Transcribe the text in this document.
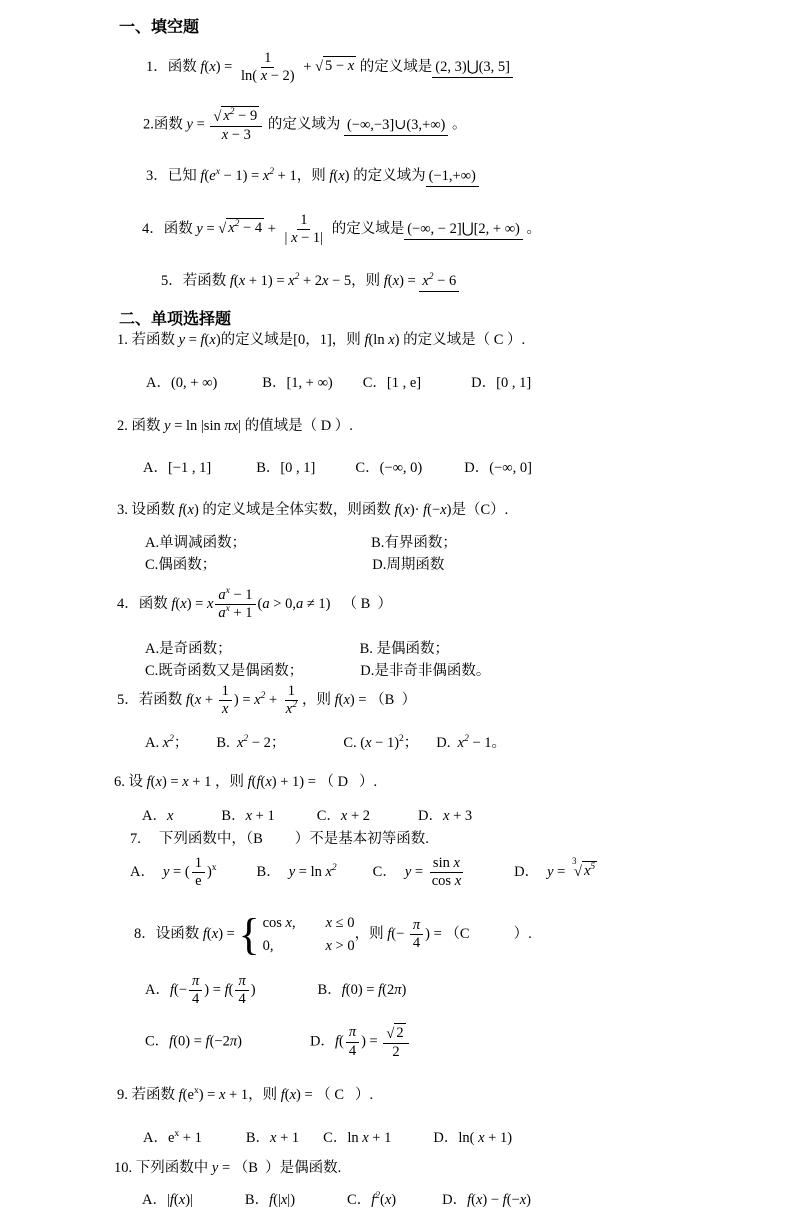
一、填空题
二、单项选择题
1．函数 $f(x) = \frac{1}{\ln( x - 2)}$ + √ 5 − x 的定义域是 (2, 3)⋃(3, 5]
2.函数 $y = \frac{√ x^2 - 9}{x - 3}$ 的定义域为 (−∞,−3]∪(3,+∞) 。
3．已知 $f(e^x - 1) = x^2 + 1$，则 f(x) 的定义域为 (−1,+∞)
4．函数 y = √ $x^2 - 4 + \frac{1}{| x - 1|}$ 的定义域是 (−∞, − 2]⋃[2, + ∞) 。
5．若函数 $f(x + 1) = x^2 + 2x - 5$，则 $f(x) = x^2 - 6$
1. 若函数 y = f(x)的定义域是[0，1]，则 f(ln x) 的定义域是（ C ）.
A．(0, + ∞)	B．[1, + ∞) C．[1 , e]	D．[0 , 1]
2. 函数 y = ln |sin πx| 的值域是（ D ）.
A．[−1 , 1]	B．[0 , 1]	C．(−∞, 0)	D．(−∞, 0]
3. 设函数 f(x) 的定义域是全体实数，则函数 f(x)· f(−x)是（C）.
A.单调减函数；	B.有界函数；
C.偶函数；	D.周期函数
4．函数 f(x) = x $\frac{a^x - 1}{a^x + 1} (a > 0,a \ne 1)$ （ B  ）
A.是奇函数；	B. 是偶函数；
C.既奇函数又是偶函数；	D.是非奇非偶函数。
5．若函数 $f(x + \frac{1}{x}$ ) = $x^2 + \frac{1}{x^2}$ ，则 f(x) = （B  ）
A. $x^2$； B.  $x^2 - 2$；	C. $(x - 1)^2$； D.  $x^2 - 1$。
6. 设 f(x) = x + 1 ，则 f(f(x) + 1) = （ D   ）.
A．x	B．x + 1	C．x + 2	D．x + 3
7. 下列函数中，（B ）不是基本初等函数.
A． y = ( $\frac{1}{e} )^x$	B． $y = \ln x^2$ C． $y = \frac{\text{sin x}}{\text{cos x}}$	D． y =
3
√ $x^5$
8．设函数 f(x) = { cos x, x ≤ 0
0,	x > 0
，则 $f(- \frac{\pi}{4}$ ) = （C	）.
A．$f(- \frac{\pi}{4}$ ) = $f( \frac{\pi}{4}$ )	B．f(0) = f(2π)
C．f(0) = f(−2π)	D．$f( \frac{\pi}{4}$ ) = $\frac{√ 2}{2}$
9. 若函数 $f(e^x) = x + 1$，则 f(x) = （ C   ）.
A．$e^x + 1$	B．x + 1 C．ln x + 1	D．ln( x + 1)
10. 下列函数中 y = （B  ）是偶函数.
A．|f(x)|	B．f(|x|)	C．$f^2(x)$	D．f(x) − f(−x)
